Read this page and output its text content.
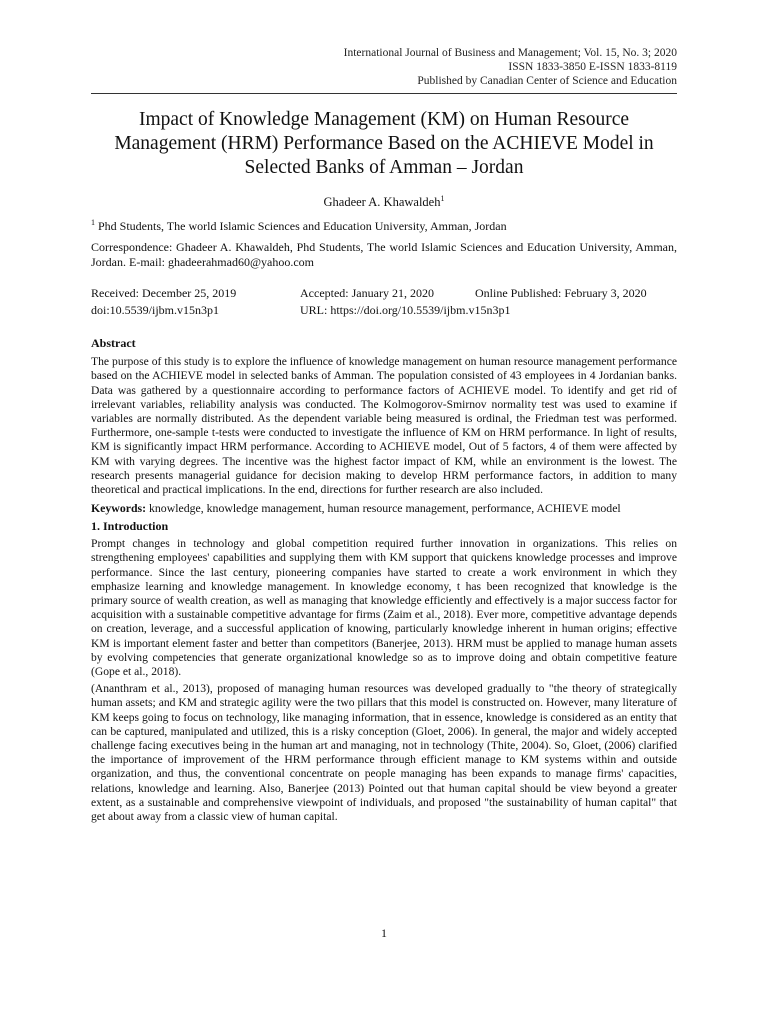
International Journal of Business and Management; Vol. 15, No. 3; 2020
ISSN 1833-3850 E-ISSN 1833-8119
Published by Canadian Center of Science and Education
Impact of Knowledge Management (KM) on Human Resource
Management (HRM) Performance Based on the ACHIEVE Model in
Selected Banks of Amman – Jordan
Ghadeer A. Khawaldeh$^1$
$^1$ Phd Students, The world Islamic Sciences and Education University, Amman, Jordan
Correspondence: Ghadeer A. Khawaldeh, Phd Students, The world Islamic Sciences and Education University, Amman, Jordan. E-mail: ghadeerahmad60@yahoo.com
Received: December 25, 2019	Accepted: January 21, 2020	Online Published: February 3, 2020
doi:10.5539/ijbm.v15n3p1	URL: https://doi.org/10.5539/ijbm.v15n3p1
Abstract
The purpose of this study is to explore the influence of knowledge management on human resource management performance based on the ACHIEVE model in selected banks of Amman. The population consisted of 43 employees in 4 Jordanian banks. Data was gathered by a questionnaire according to performance factors of ACHIEVE model. To identify and get rid of irrelevant variables, reliability analysis was conducted. The Kolmogorov-Smirnov normality test was used to examine if variables are normally distributed. As the dependent variable being measured is ordinal, the Friedman test was performed. Furthermore, one-sample t-tests were conducted to investigate the influence of KM on HRM performance. In light of results, KM is significantly impact HRM performance. According to ACHIEVE model, Out of 5 factors, 4 of them were affected by KM with varying degrees. The incentive was the highest factor impact of KM, while an environment is the lowest. The research presents managerial guidance for decision making to develop HRM performance factors, in addition to many theoretical and practical implications. In the end, directions for further research are also included.
Keywords: knowledge, knowledge management, human resource management, performance, ACHIEVE model
1. Introduction
Prompt changes in technology and global competition required further innovation in organizations. This relies on strengthening employees' capabilities and supplying them with KM support that quickens knowledge processes and improve performance. Since the last century, pioneering companies have started to create a work environment in which they emphasize learning and knowledge management. In knowledge economy, t has been recognized that knowledge is the primary source of wealth creation, as well as managing that knowledge efficiently and effectively is a major success factor for acquisition with a sustainable competitive advantage for firms (Zaim et al., 2018). Ever more, competitive advantage depends on creation, leverage, and a successful application of knowing, particularly knowledge inherent in human origins; effective KM is important element faster and better than competitors (Banerjee, 2013). HRM must be applied to manage human assets by evolving competencies that generate organizational knowledge so as to improve doing and obtain competitive feature (Gope et al., 2018).
(Ananthram et al., 2013), proposed of managing human resources was developed gradually to "the theory of strategically human assets; and KM and strategic agility were the two pillars that this model is constructed on. However, many literature of KM keeps going to focus on technology, like managing information, that in essence, knowledge is considered as an entity that can be captured, manipulated and utilized, this is a risky conception (Gloet, 2006). In general, the major and widely accepted challenge facing executives being in the human art and managing, not in technology (Thite, 2004). So, Gloet, (2006) clarified the importance of improvement of the HRM performance through efficient manage to KM systems within and outside organization, and thus, the conventional concentrate on people managing has been expands to manage firms' capacities, relations, knowledge and learning. Also, Banerjee (2013) Pointed out that human capital should be view beyond a greater extent, as a sustainable and comprehensive viewpoint of individuals, and proposed "the sustainability of human capital" that get about away from a classic view of human capital.
1
